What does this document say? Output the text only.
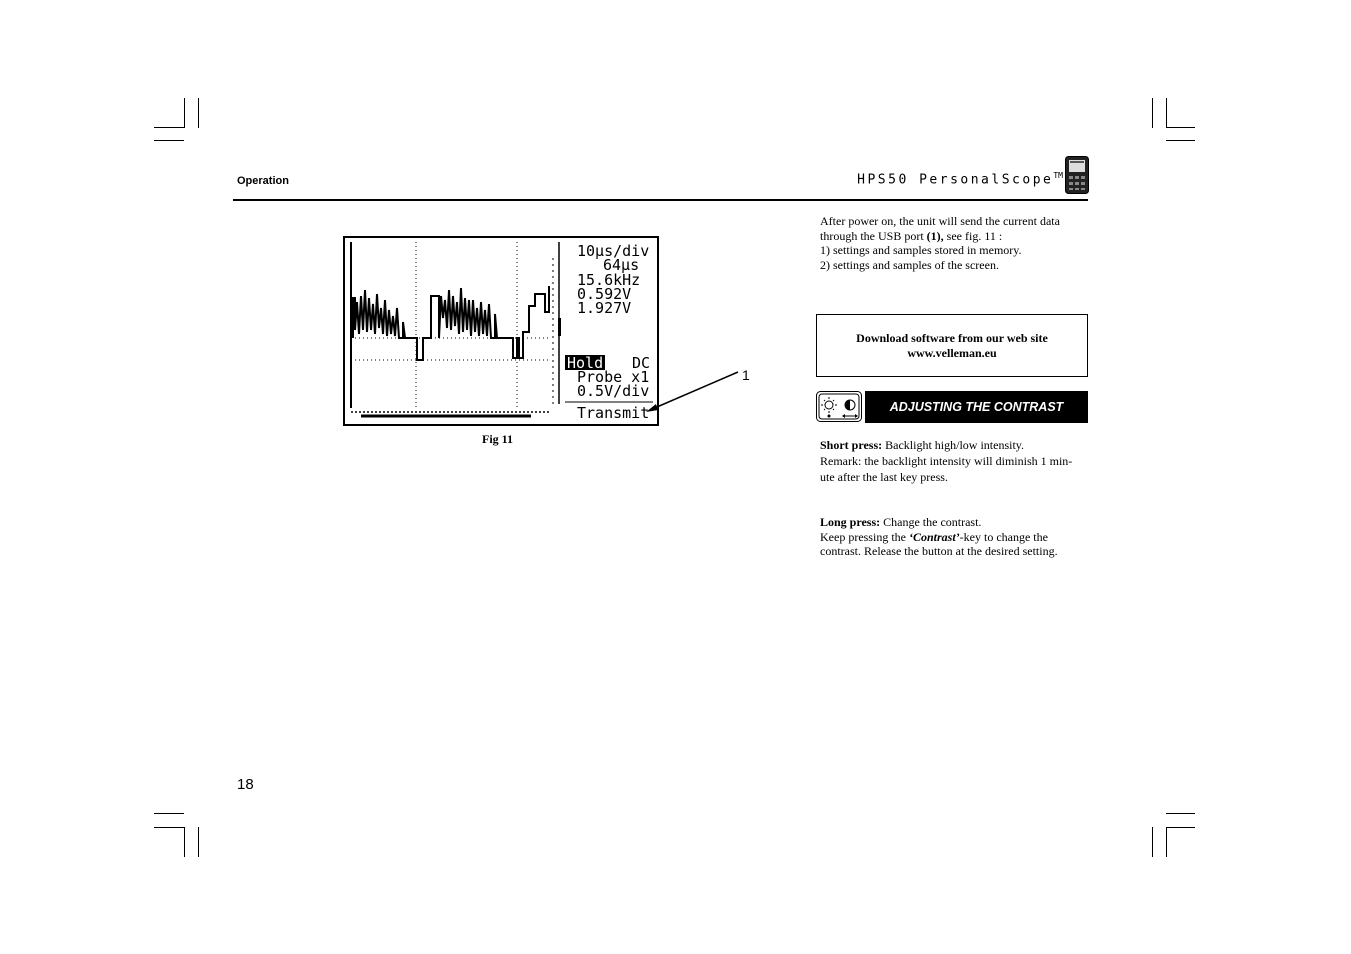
Operation	HPS50 PersonalScope™
10µs/div
64µs
15.6kHz
0.592V
1.927V
Hold DC
Probe x1
0.5V/div
Transmit
1
Fig 11
After power on, the unit will send the current data
through the USB port (1), see fig. 11 :
1) settings and samples stored in memory.
2) settings and samples of the screen.
Download software from our web site
www.velleman.eu
ADJUSTING THE CONTRAST
Short press: Backlight high/low intensity.
Remark: the backlight intensity will diminish 1 min-
ute after the last key press.
Long press: Change the contrast.
Keep pressing the ‘Contrast’-key to change the
contrast. Release the button at the desired setting.
18
